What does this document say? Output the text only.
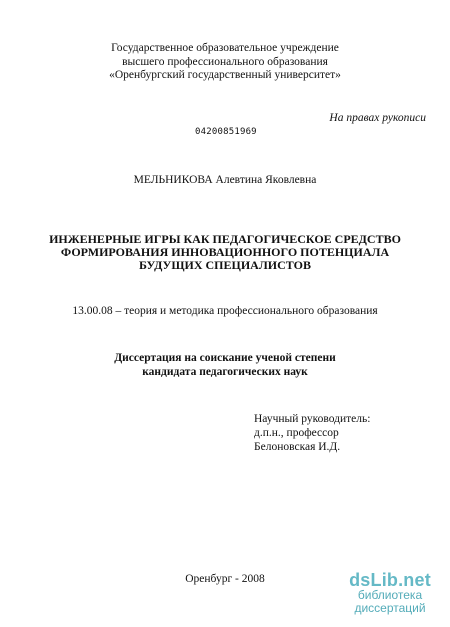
Государственное образовательное учреждение
высшего профессионального образования
«Оренбургский государственный университет»
На правах рукописи
04200851969
МЕЛЬНИКОВА Алевтина Яковлевна
ИНЖЕНЕРНЫЕ ИГРЫ КАК ПЕДАГОГИЧЕСКОЕ СРЕДСТВО
ФОРМИРОВАНИЯ ИННОВАЦИОННОГО ПОТЕНЦИАЛА
БУДУЩИХ СПЕЦИАЛИСТОВ
13.00.08 – теория и методика профессионального образования
Диссертация на соискание ученой степени
кандидата педагогических наук
Научный руководитель:
д.п.н., профессор
Белоновская И.Д.
Оренбург - 2008	dsLib.net
библиотека диссертаций
